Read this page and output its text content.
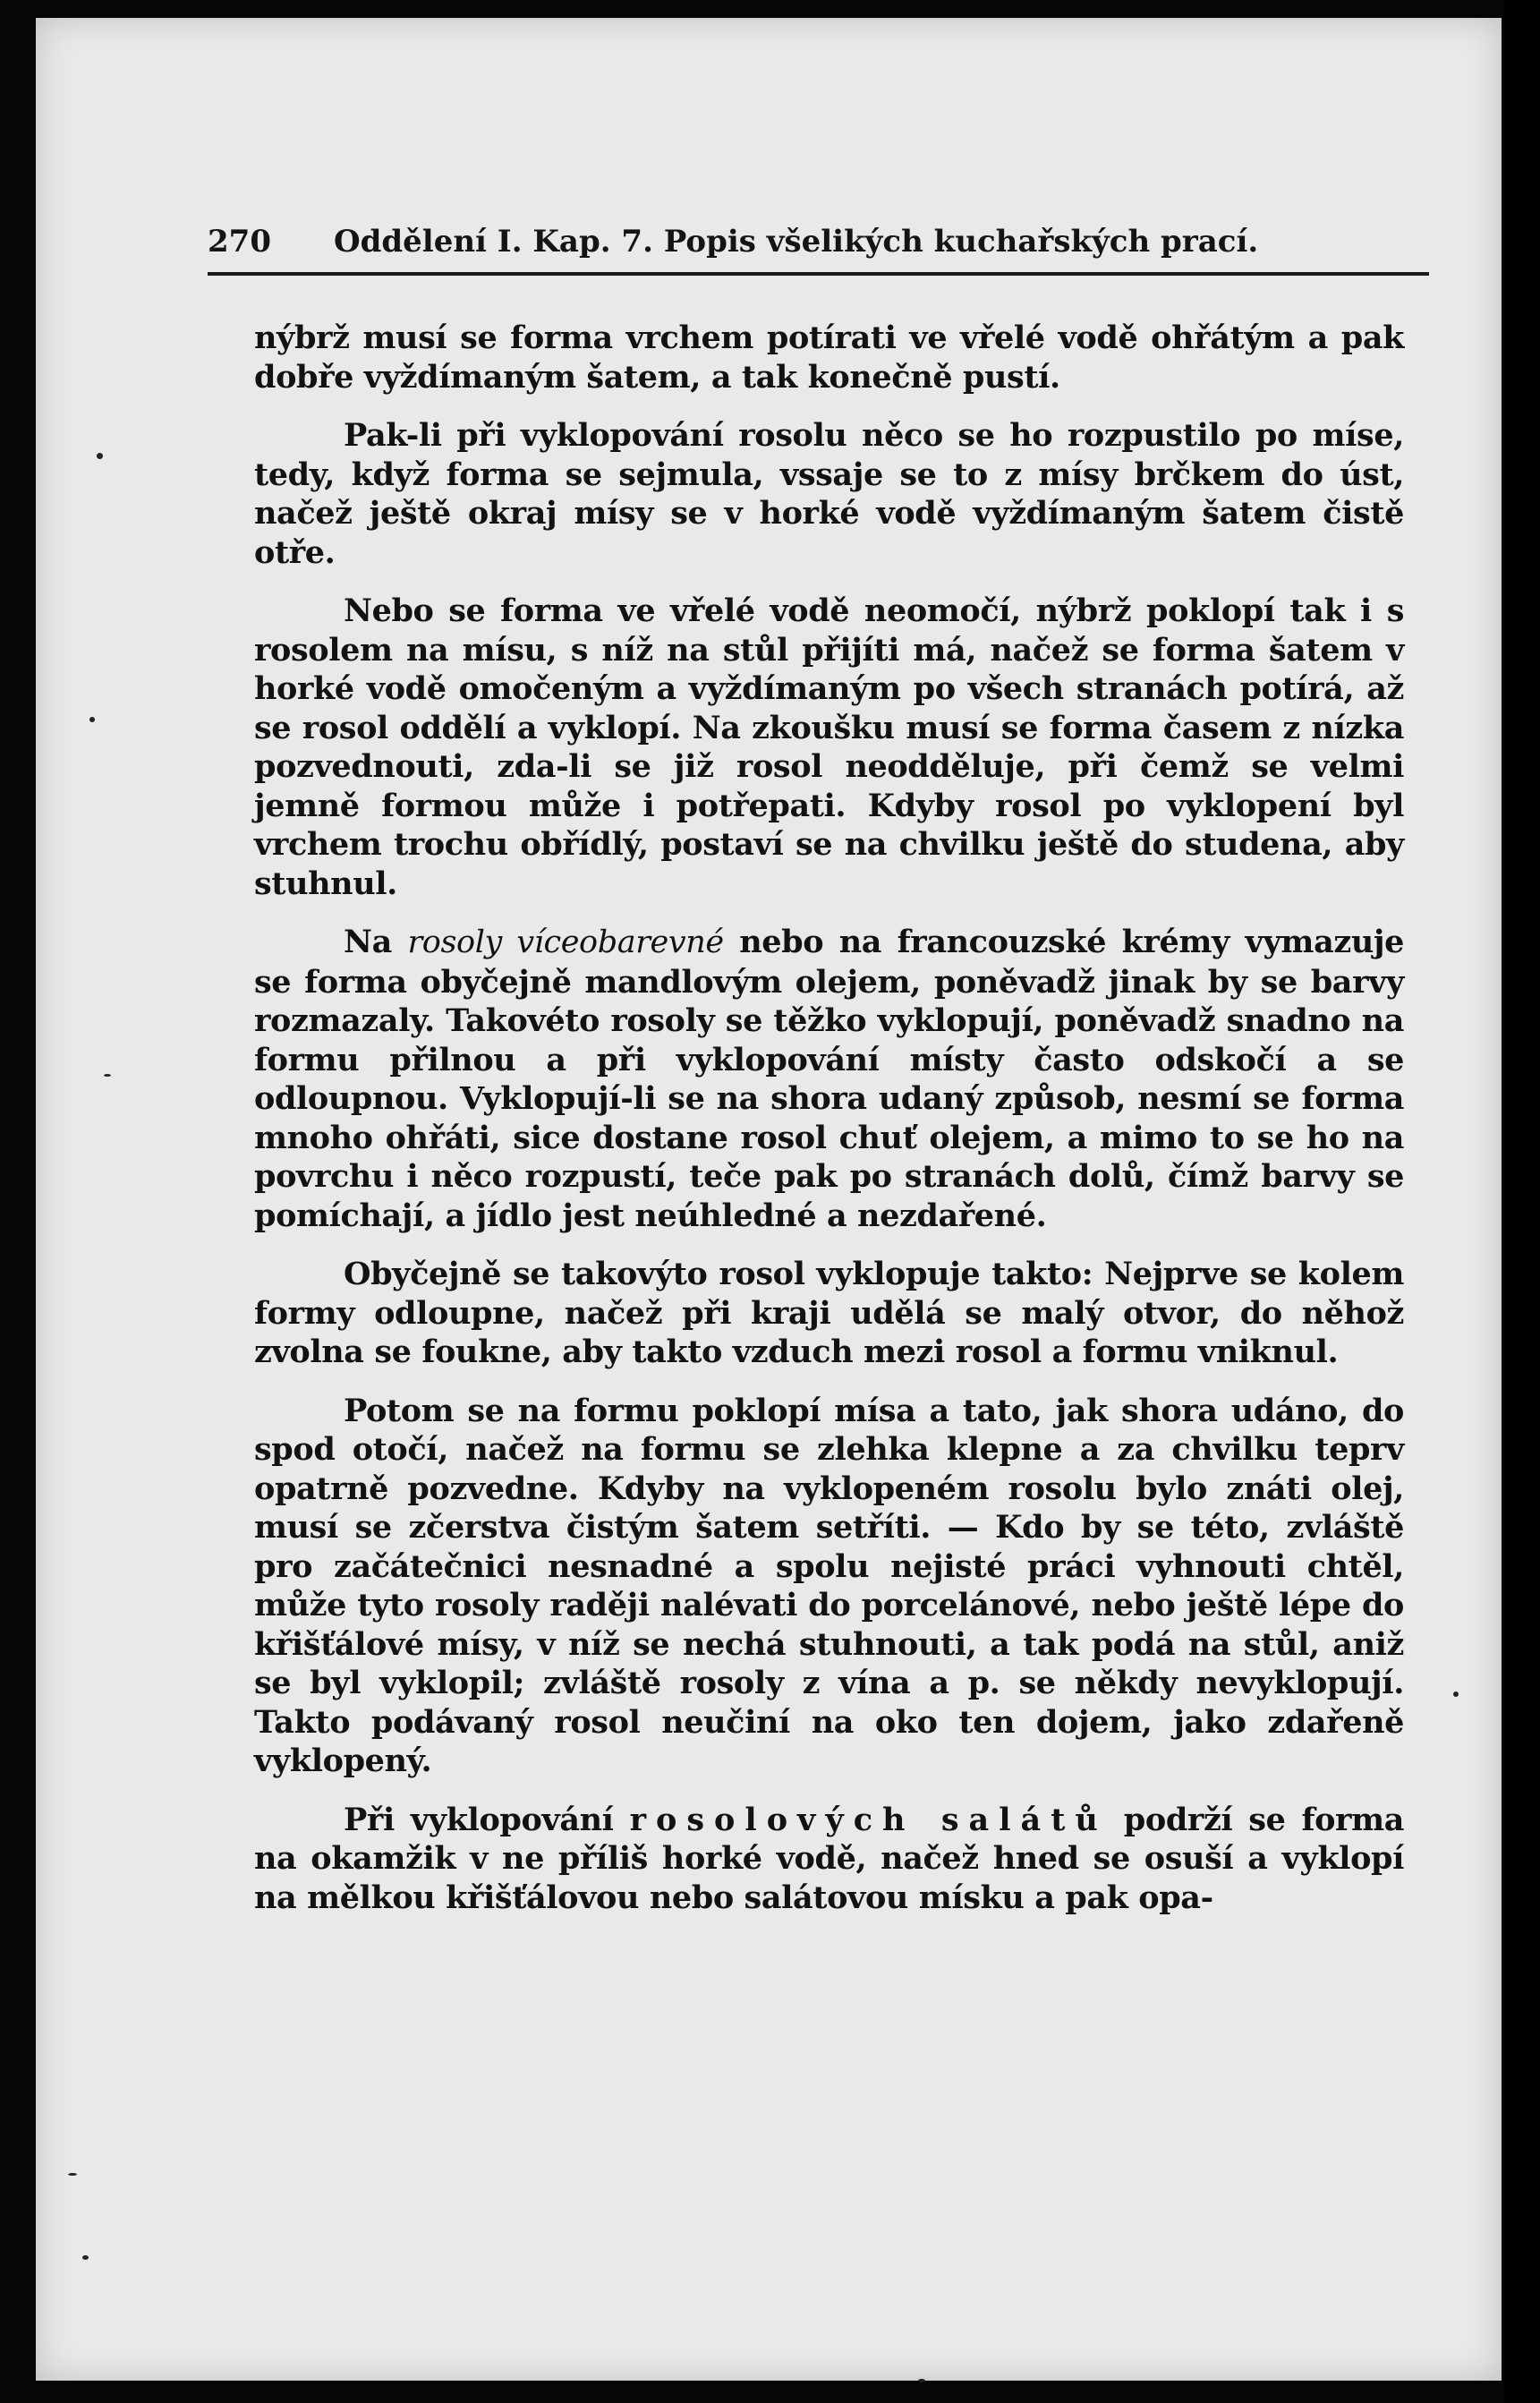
270 Oddělení I. Kap. 7. Popis všelikých kuchařských prací.

nýbrž musí se forma vrchem potírati ve vřelé vodě ohřátým a pak dobře vyždímaným šatem, a tak konečně pustí.

Pak-li při vyklopování rosolu něco se ho rozpustilo po míse, tedy, když forma se sejmula, vssaje se to z mísy brčkem do úst, načež ještě okraj mísy se v horké vodě vyždímaným šatem čistě otře.

Nebo se forma ve vřelé vodě neomočí, nýbrž poklopí tak i s rosolem na mísu, s níž na stůl přijíti má, načež se forma šatem v horké vodě omočeným a vyždímaným po všech stranách potírá, až se rosol oddělí a vyklopí. Na zkoušku musí se forma časem z nízka pozvednouti, zda-li se již rosol neodděluje, při čemž se velmi jemně formou může i potřepati. Kdyby rosol po vyklopení byl vrchem trochu obřídlý, postaví se na chvilku ještě do studena, aby stuhnul.

Na rosoly víceobarevné nebo na francouzské krémy vymazuje se forma obyčejně mandlovým olejem, poněvadž jinak by se barvy rozmazaly. Takovéto rosoly se těžko vyklopují, poněvadž snadno na formu přilnou a při vyklopování místy často odskočí a se odloupnou. Vyklopují-li se na shora udaný způsob, nesmí se forma mnoho ohřáti, sice dostane rosol chuť olejem, a mimo to se ho na povrchu i něco rozpustí, teče pak po stranách dolů, čímž barvy se pomíchají, a jídlo jest neúhledné a nezdařené.

Obyčejně se takovýto rosol vyklopuje takto: Nejprve se kolem formy odloupne, načež při kraji udělá se malý otvor, do něhož zvolna se foukne, aby takto vzduch mezi rosol a formu vniknul.

Potom se na formu poklopí mísa a tato, jak shora udáno, do spod otočí, načež na formu se zlehka klepne a za chvilku teprv opatrně pozvedne. Kdyby na vyklopeném rosolu bylo znáti olej, musí se zčerstva čistým šatem setříti. — Kdo by se této, zvláště pro začátečnici nesnadné a spolu nejisté práci vyhnouti chtěl, může tyto rosoly raději nalévati do porcelánové, nebo ještě lépe do křišťálové mísy, v níž se nechá stuhnouti, a tak podá na stůl, aniž se byl vyklopil; zvláště rosoly z vína a p. se někdy nevyklopují. Takto podávaný rosol neučiní na oko ten dojem, jako zdařeně vyklopený.

Při vyklopování rosolových salátů podrží se forma na okamžik v ne příliš horké vodě, načež hned se osuší a vyklopí na mělkou křišťálovou nebo salátovou mísku a pak opa-
